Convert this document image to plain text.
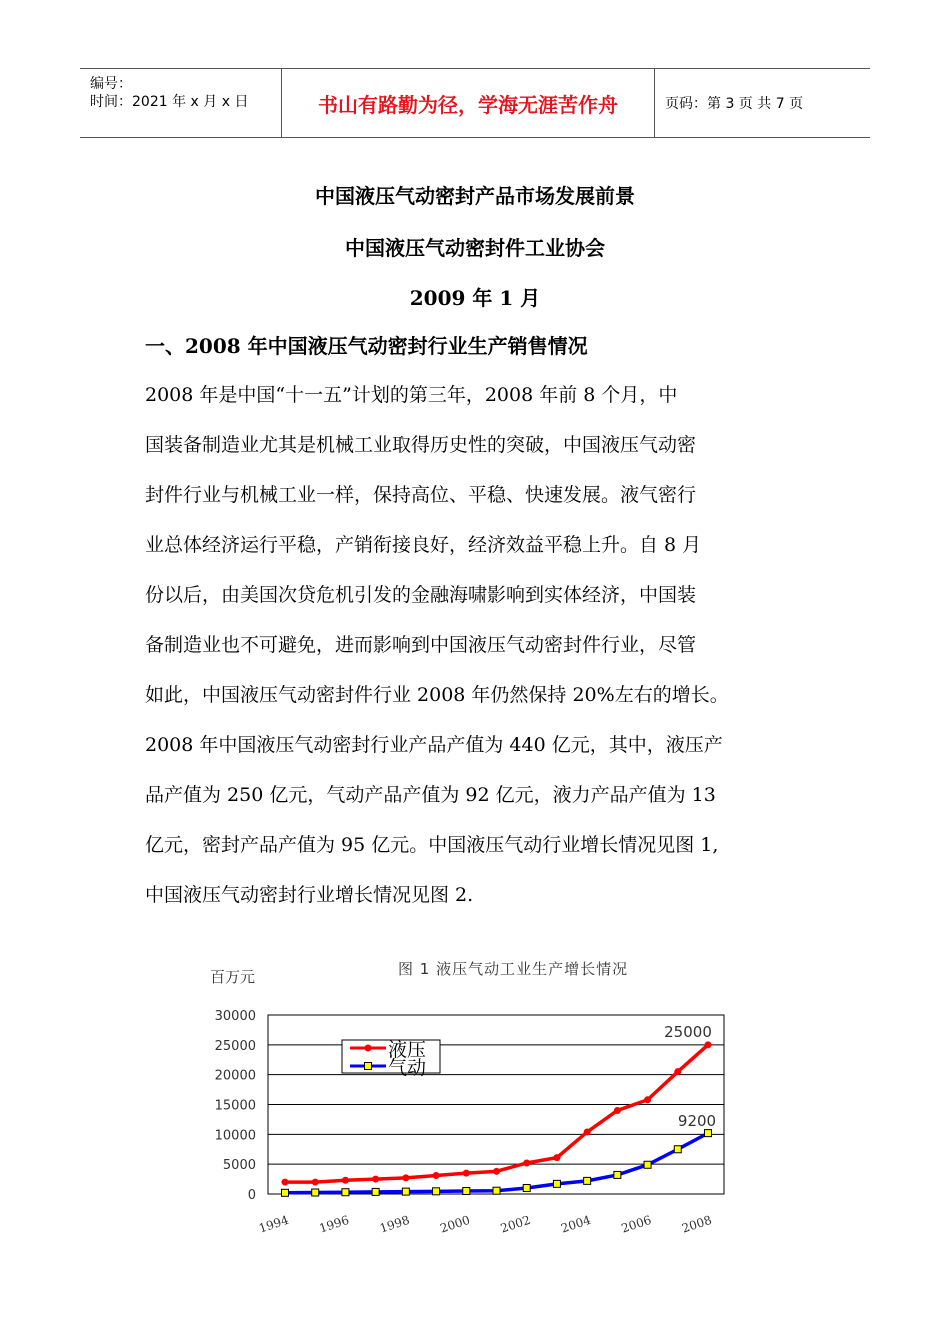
编号：
时间：2021 年 x 月 x 日	书山有路勤为径，学海无涯苦作舟	页码：第 3 页 共 7 页
中国液压气动密封产品市场发展前景
中国液压气动密封件工业协会
2009 年 1 月
一、2008 年中国液压气动密封行业生产销售情况
2008 年是中国“十一五”计划的第三年，2008 年前 8 个月，中
国装备制造业尤其是机械工业取得历史性的突破，中国液压气动密
封件行业与机械工业一样，保持高位、平稳、快速发展。液气密行
业总体经济运行平稳，产销衔接良好，经济效益平稳上升。自 8 月
份以后，由美国次贷危机引发的金融海啸影响到实体经济，中国装
备制造业也不可避免，进而影响到中国液压气动密封件行业，尽管
如此，中国液压气动密封件行业 2008 年仍然保持 20%左右的增长。
2008 年中国液压气动密封行业产品产值为 440 亿元，其中，液压产
品产值为 250 亿元，气动产品产值为 92 亿元，液力产品产值为 13
亿元，密封产品产值为 95 亿元。中国液压气动行业增长情况见图 1,
中国液压气动密封行业增长情况见图 2.
百万元	图 1 液压气动工业生产增长情况
0
5000
10000
15000
20000
25000
30000
1994 1996 1998 2000 2002 2004 2006 2008
25000
9200
液压
气动
